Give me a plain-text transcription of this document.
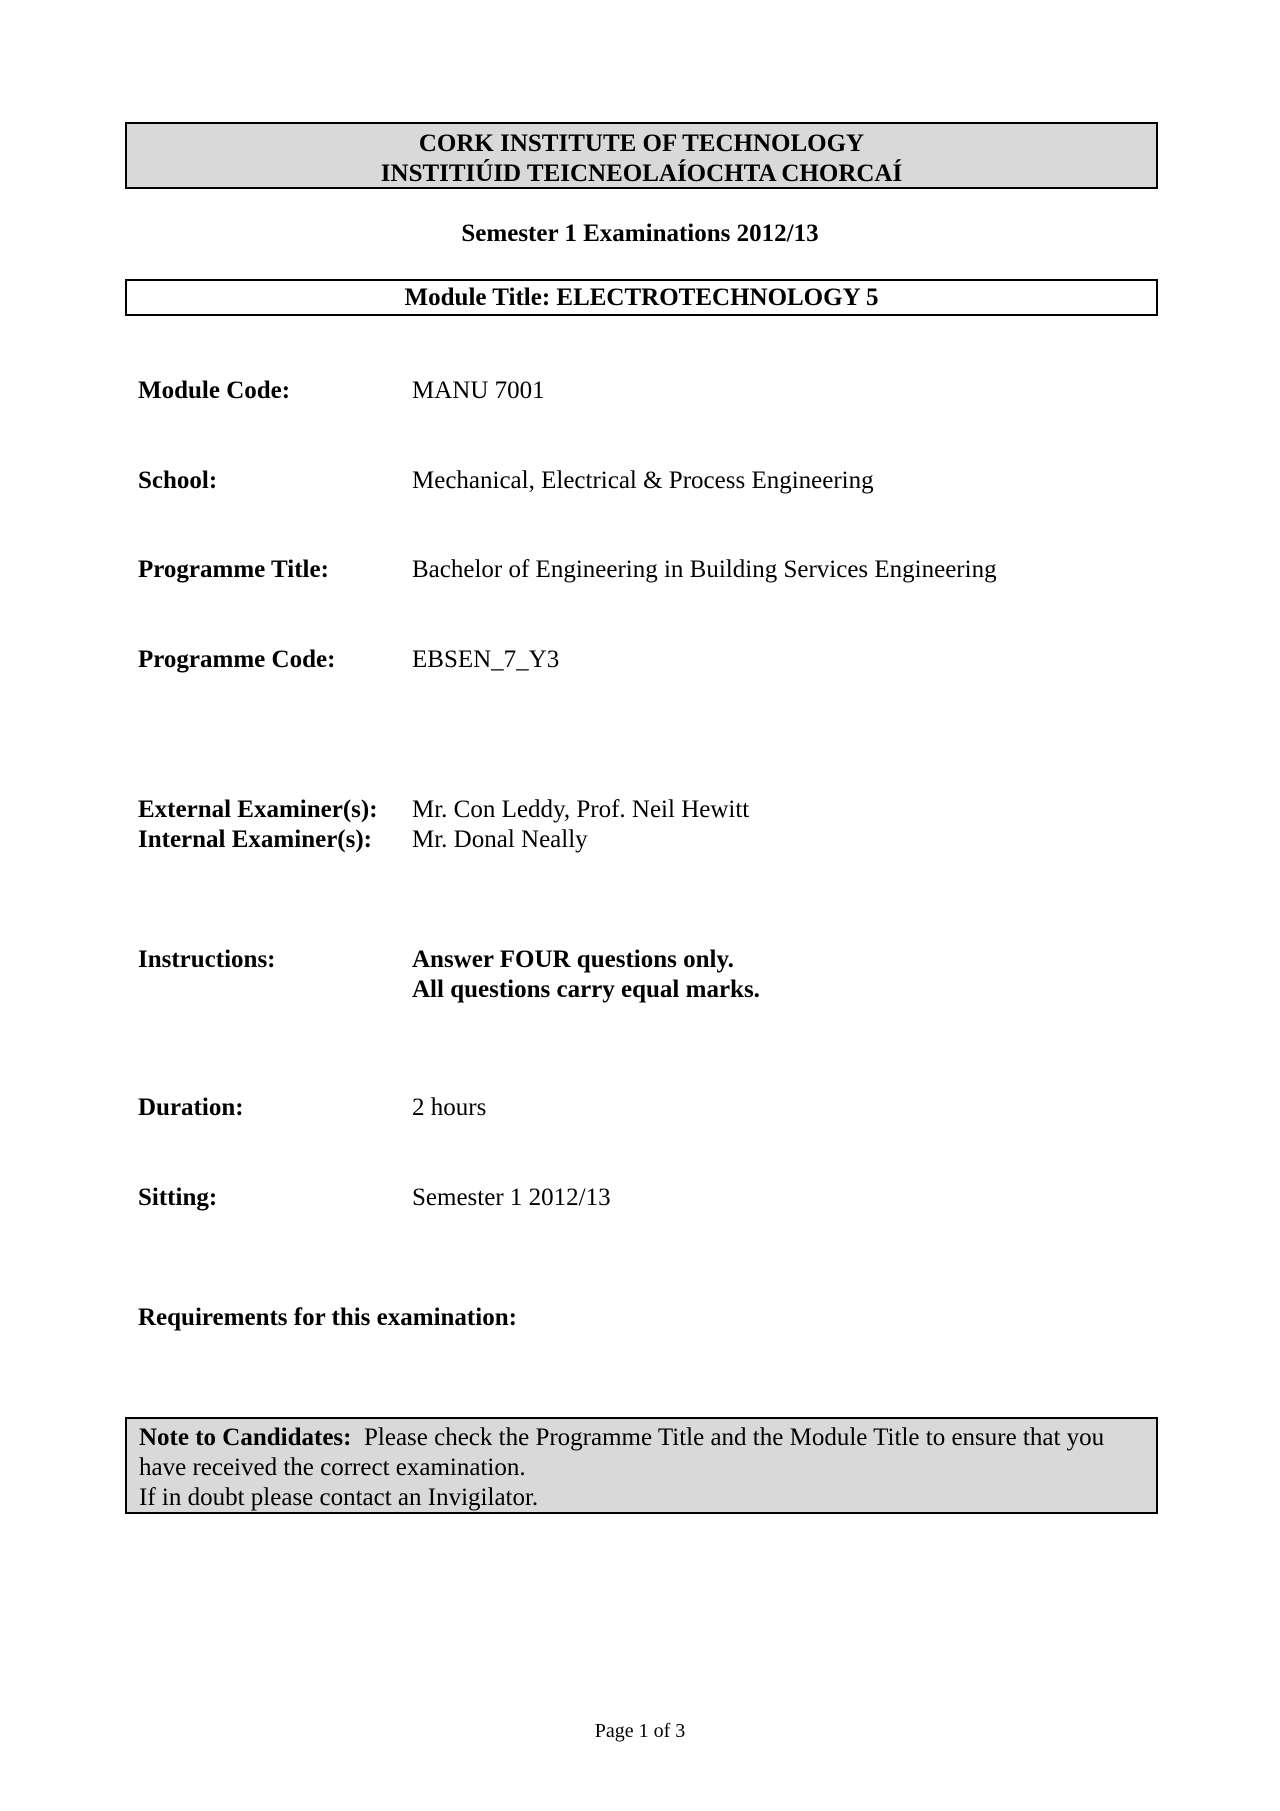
CORK INSTITUTE OF TECHNOLOGY
INSTITIÚID TEICNEOLAÍOCHTA CHORCAÍ
Semester 1 Examinations 2012/13
Module Title: ELECTROTECHNOLOGY 5
Module Code:	MANU 7001
School:	Mechanical, Electrical & Process Engineering
Programme Title:	Bachelor of Engineering in Building Services Engineering
Programme Code:	EBSEN_7_Y3
External Examiner(s): Mr. Con Leddy, Prof. Neil Hewitt
Internal Examiner(s): Mr. Donal Neally
Instructions:	Answer FOUR questions only.
All questions carry equal marks.
Duration:	2 hours
Sitting:	Semester 1 2012/13
Requirements for this examination:
Note to Candidates: Please check the Programme Title and the Module Title to ensure that you have received the correct examination.
If in doubt please contact an Invigilator.
Page 1 of 3
